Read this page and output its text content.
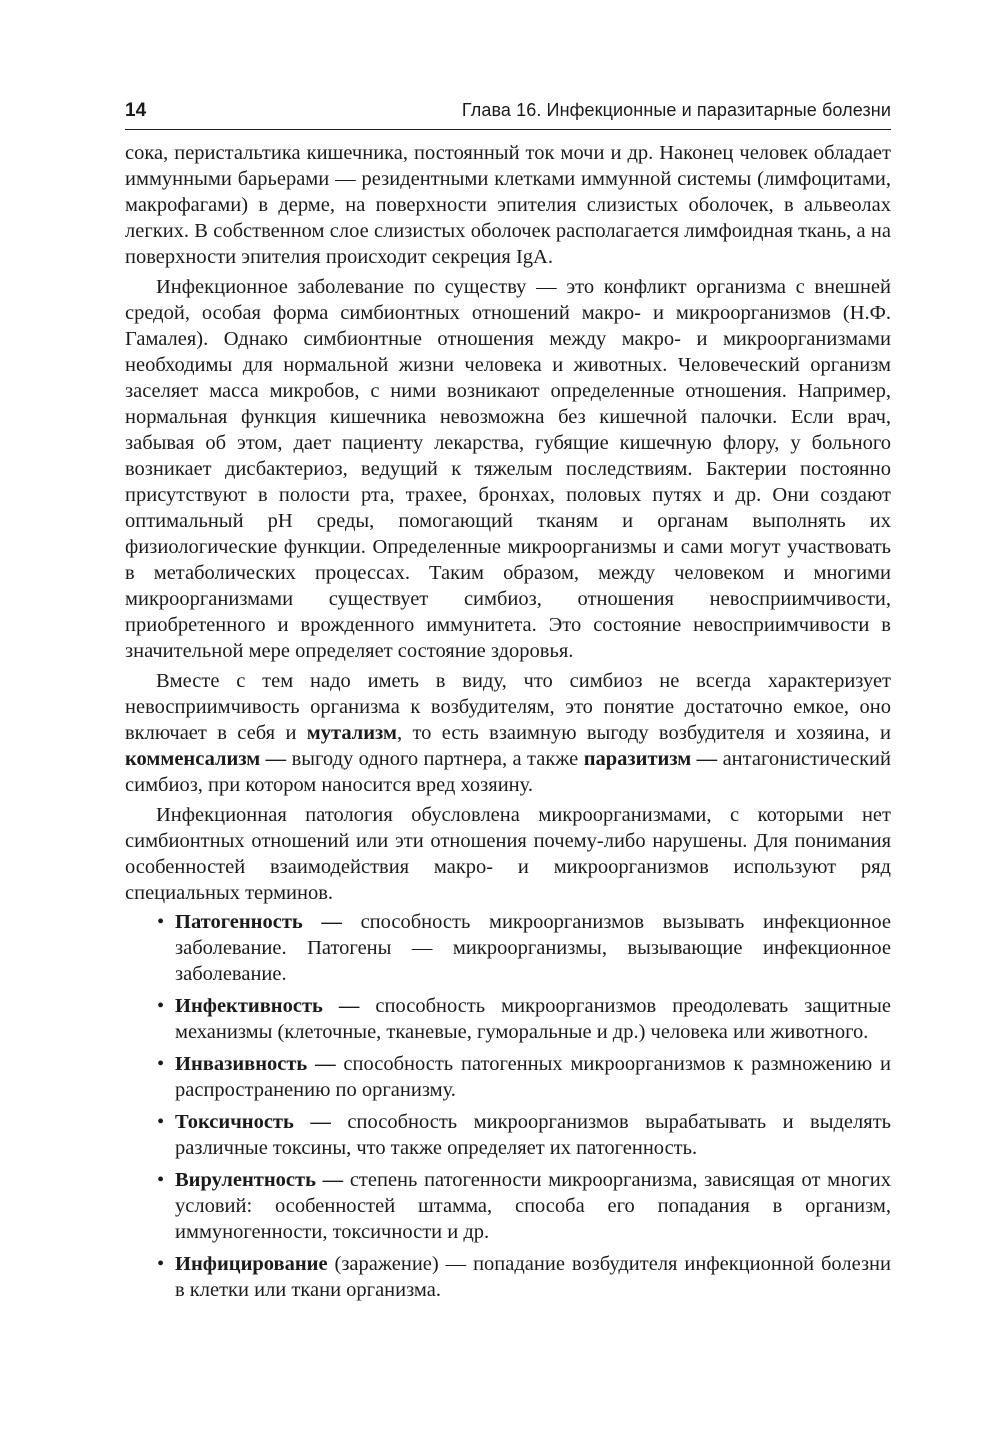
14	Глава 16. Инфекционные и паразитарные болезни

сока, перистальтика кишечника, постоянный ток мочи и др. Наконец человек обладает иммунными барьерами — резидентными клетками иммунной системы (лимфоцитами, макрофагами) в дерме, на поверхности эпителия слизистых оболочек, в альвеолах легких. В собственном слое слизистых оболочек располагается лимфоидная ткань, а на поверхности эпителия происходит секреция IgA.

Инфекционное заболевание по существу — это конфликт организма с внешней средой, особая форма симбионтных отношений макро- и микроорганизмов (Н.Ф. Гамалея). Однако симбионтные отношения между макро- и микроорганизмами необходимы для нормальной жизни человека и животных. Человеческий организм заселяет масса микробов, с ними возникают определенные отношения. Например, нормальная функция кишечника невозможна без кишечной палочки. Если врач, забывая об этом, дает пациенту лекарства, губящие кишечную флору, у больного возникает дисбактериоз, ведущий к тяжелым последствиям. Бактерии постоянно присутствуют в полости рта, трахее, бронхах, половых путях и др. Они создают оптимальный pH среды, помогающий тканям и органам выполнять их физиологические функции. Определенные микроорганизмы и сами могут участвовать в метаболических процессах. Таким образом, между человеком и многими микроорганизмами существует симбиоз, отношения невосприимчивости, приобретенного и врожденного иммунитета. Это состояние невосприимчивости в значительной мере определяет состояние здоровья.

Вместе с тем надо иметь в виду, что симбиоз не всегда характеризует невосприимчивость организма к возбудителям, это понятие достаточно емкое, оно включает в себя и мутализм, то есть взаимную выгоду возбудителя и хозяина, и комменсализм — выгоду одного партнера, а также паразитизм — антагонистический симбиоз, при котором наносится вред хозяину.

Инфекционная патология обусловлена микроорганизмами, с которыми нет симбионтных отношений или эти отношения почему-либо нарушены. Для понимания особенностей взаимодействия макро- и микроорганизмов используют ряд специальных терминов.

• Патогенность — способность микроорганизмов вызывать инфекционное заболевание. Патогены — микроорганизмы, вызывающие инфекционное заболевание.
• Инфективность — способность микроорганизмов преодолевать защитные механизмы (клеточные, тканевые, гуморальные и др.) человека или животного.
• Инвазивность — способность патогенных микроорганизмов к размножению и распространению по организму.
• Токсичность — способность микроорганизмов вырабатывать и выделять различные токсины, что также определяет их патогенность.
• Вирулентность — степень патогенности микроорганизма, зависящая от многих условий: особенностей штамма, способа его попадания в организм, иммуногенности, токсичности и др.
• Инфицирование (заражение) — попадание возбудителя инфекционной болезни в клетки или ткани организма.
